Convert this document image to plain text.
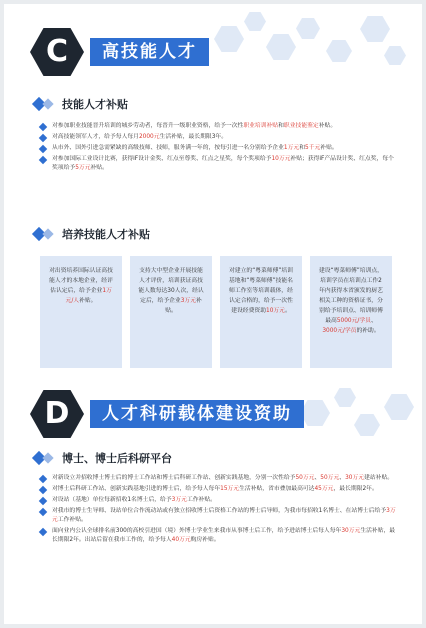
C	高技能人才
技能人才补贴
对参加职业技能晋升培训的城乡劳动者，每晋升一级职业资格，给予一次性职业培训补贴和职业技能鉴定补贴。
对高技能领军人才，给予每人每月2000元生活补贴，最长期限3年。
从市外、国外引进急需紧缺的高级技师、技师，服务满一年的，按每引进一名分别给予企业1万元和5千元补贴。
对参加国际工业设计比赛，获得iF设计金奖、红点至尊奖、红点之星奖，每个奖项给予10万元补贴；获得iF产品设计奖、红点奖，每个奖项给予5万元补贴。
培养技能人才补贴
对出资培养国际认证高技能人才的本地企业，经评估认定后，给予企业1万元/人补贴。
支持大中型企业开展技能人才评价，培训获证高技能人数每达30人次，经认定后，给予企业3万元补贴。
对建立的“粤菜师傅”培训基地和“粤菜师傅”技能名师工作室等培训载体，经认定合格的，给予一次性建设经费资助10万元。
建设“粤菜师傅”培训点，培训学员在培训点工作2年内获得本省颁发的厨艺相关工种的资格证书，分别给予培训点、培训师傅最高5000元/学员、3000元/学员的补助。
D	人才科研载体建设资助
博士、博士后科研平台
对新设立并招收博士博士后的博士工作站和博士后科研工作站、创新实践基地，分别一次性给予50万元、50万元、30万元建站补贴。
对博士后科研工作站、创新实践基地引进的博士后，给予每人每年15万元生活补贴，省市叠加最高可达45万元，最长期限2年。
对设站（基地）单位每新招收1名博士后，给予3万元工作补贴。
对我市的博士生导师、设站单位合作流动站或有独立招收博士后资格工作站的博士后导师，为我市每招收1名博士、在站博士后给予3万元工作补贴。
面向业内公认全球排名前300的高校引进国（境）外博士学业生来我市从事博士后工作，给予进站博士后每人每年30万元生活补贴，最长期限2年。出站后留在我市工作的，给予每人40万元购房补贴。
